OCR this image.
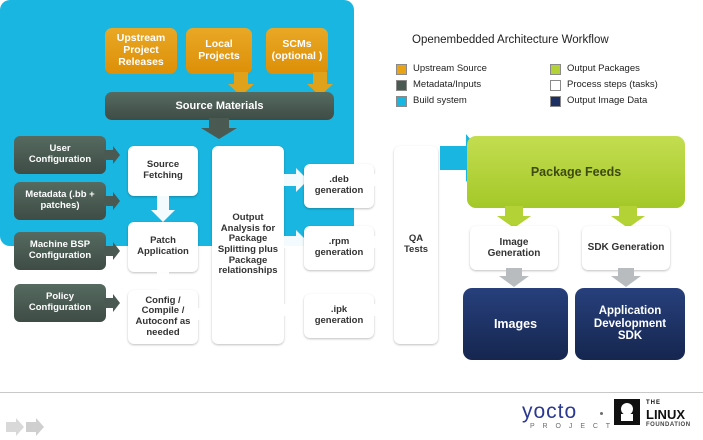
Openembedded Architecture Workflow
Upstream Source
Metadata/Inputs
Build system
Output Packages
Process steps (tasks)
Output Image Data
Upstream Project Releases
Local Projects
SCMs (optional )
Source Materials
User Configuration
Metadata (.bb + patches)
Machine BSP Configuration
Policy Configuration
Source Fetching
Patch Application
Config / Compile / Autoconf as needed
Output Analysis for Package Splitting plus Package relationships
.deb generation
.rpm generation
.ipk generation
QA Tests
Package Feeds
Image Generation
SDK Generation
Images
Application Development SDK
yocto
P R O J E C T
THE
LINUX
FOUNDATION
